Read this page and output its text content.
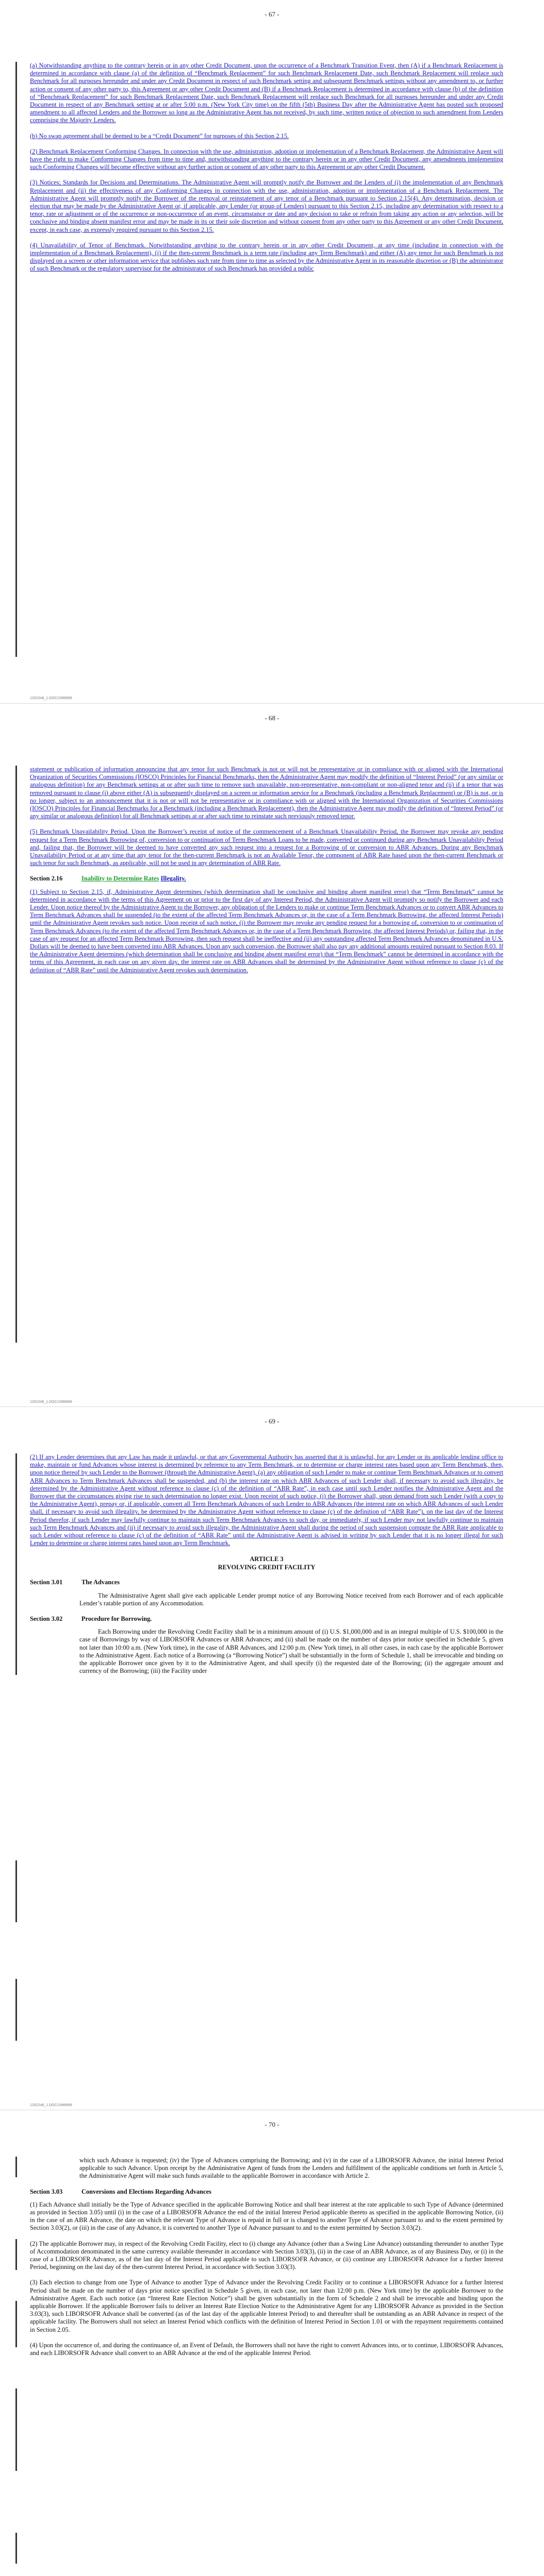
- 67 -

(a) Notwithstanding anything to the contrary herein or in any other Credit Document, upon the occurrence of a Benchmark Transition Event, then (A) if a Benchmark Replacement is determined in accordance with clause (a) of the definition of “Benchmark Replacement” for such Benchmark Replacement Date, such Benchmark Replacement will replace such Benchmark for all purposes hereunder and under any Credit Document in respect of such Benchmark setting and subsequent Benchmark settings without any amendment to, or further action or consent of any other party to, this Agreement or any other Credit Document and (B) if a Benchmark Replacement is determined in accordance with clause (b) of the definition of “Benchmark Replacement” for such Benchmark Replacement Date, such Benchmark Replacement will replace such Benchmark for all purposes hereunder and under any Credit Document in respect of any Benchmark setting at or after 5:00 p.m. (New York City time) on the fifth (5th) Business Day after the Administrative Agent has posted such proposed amendment to all affected Lenders and the Borrower so long as the Administrative Agent has not received, by such time, written notice of objection to such amendment from Lenders comprising the Majority Lenders.

(b) No swap agreement shall be deemed to be a “Credit Document” for purposes of this Section 2.15.

(2) Benchmark Replacement Conforming Changes. In connection with the use, administration, adoption or implementation of a Benchmark Replacement, the Administrative Agent will have the right to make Conforming Changes from time to time and, notwithstanding anything to the contrary herein or in any other Credit Document, any amendments implementing such Conforming Changes will become effective without any further action or consent of any other party to this Agreement or any other Credit Document.

(3) Notices; Standards for Decisions and Determinations. The Administrative Agent will promptly notify the Borrower and the Lenders of (i) the implementation of any Benchmark Replacement and (ii) the effectiveness of any Conforming Changes in connection with the use, administration, adoption or implementation of a Benchmark Replacement. The Administrative Agent will promptly notify the Borrower of the removal or reinstatement of any tenor of a Benchmark pursuant to Section 2.15(4). Any determination, decision or election that may be made by the Administrative Agent or, if applicable, any Lender (or group of Lenders) pursuant to this Section 2.15, including any determination with respect to a tenor, rate or adjustment or of the occurrence or non-occurrence of an event, circumstance or date and any decision to take or refrain from taking any action or any selection, will be conclusive and binding absent manifest error and may be made in its or their sole discretion and without consent from any other party to this Agreement or any other Credit Document, except, in each case, as expressly required pursuant to this Section 2.15.

(4) Unavailability of Tenor of Benchmark. Notwithstanding anything to the contrary herein or in any other Credit Document, at any time (including in connection with the implementation of a Benchmark Replacement), (i) if the then-current Benchmark is a term rate (including any Term Benchmark) and either (A) any tenor for such Benchmark is not displayed on a screen or other information service that publishes such rate from time to time as selected by the Administrative Agent in its reasonable discretion or (B) the administrator of such Benchmark or the regulatory supervisor for the administrator of such Benchmark has provided a public

1202248_1.DOC/1999999
- 68 -

statement or publication of information announcing that any tenor for such Benchmark is not or will not be representative or in compliance with or aligned with the International Organization of Securities Commissions (IOSCO) Principles for Financial Benchmarks, then the Administrative Agent may modify the definition of “Interest Period” (or any similar or analogous definition) for any Benchmark settings at or after such time to remove such unavailable, non-representative, non-compliant or non-aligned tenor and (ii) if a tenor that was removed pursuant to clause (i) above either (A) is subsequently displayed on a screen or information service for a Benchmark (including a Benchmark Replacement) or (B) is not, or is no longer, subject to an announcement that it is not or will not be representative or in compliance with or aligned with the International Organization of Securities Commissions (IOSCO) Principles for Financial Benchmarks for a Benchmark (including a Benchmark Replacement), then the Administrative Agent may modify the definition of “Interest Period” (or any similar or analogous definition) for all Benchmark settings at or after such time to reinstate such previously removed tenor.

(5) Benchmark Unavailability Period. Upon the Borrower’s receipt of notice of the commencement of a Benchmark Unavailability Period, the Borrower may revoke any pending request for a Term Benchmark Borrowing of, conversion to or continuation of Term Benchmark Loans to be made, converted or continued during any Benchmark Unavailability Period and, failing that, the Borrower will be deemed to have converted any such request into a request for a Borrowing of or conversion to ABR Advances. During any Benchmark Unavailability Period or at any time that any tenor for the then-current Benchmark is not an Available Tenor, the component of ABR Rate based upon the then-current Benchmark or such tenor for such Benchmark, as applicable, will not be used in any determination of ABR Rate.

Section 2.16	Inability to Determine Rates Illegality.

(1) Subject to Section 2.15, if, Administrative Agent determines (which determination shall be conclusive and binding absent manifest error) that “Term Benchmark” cannot be determined in accordance with the terms of this Agreement on or prior to the first day of any Interest Period, the Administrative Agent will promptly so notify the Borrower and each Lender. Upon notice thereof by the Administrative Agent to the Borrower, any obligation of the Lenders to make or continue Term Benchmark Advances or to convert ABR Advances to Term Benchmark Advances shall be suspended (to the extent of the affected Term Benchmark Advances or, in the case of a Term Benchmark Borrowing, the affected Interest Periods) until the Administrative Agent revokes such notice. Upon receipt of such notice, (i) the Borrower may revoke any pending request for a borrowing of, conversion to or continuation of Term Benchmark Advances (to the extent of the affected Term Benchmark Advances or, in the case of a Term Benchmark Borrowing, the affected Interest Periods) or, failing that, in the case of any request for an affected Term Benchmark Borrowing, then such request shall be ineffective and (ii) any outstanding affected Term Benchmark Advances denominated in U.S. Dollars will be deemed to have been converted into ABR Advances. Upon any such conversion, the Borrower shall also pay any additional amounts required pursuant to Section 8.03. If the Administrative Agent determines (which determination shall be conclusive and binding absent manifest error) that “Term Benchmark” cannot be determined in accordance with the terms of this Agreement, in each case on any given day, the interest rate on ABR Advances shall be determined by the Administrative Agent without reference to clause (c) of the definition of “ABR Rate” until the Administrative Agent revokes such determination.

1202248_1.DOC/1999999
- 69 -

(2) If any Lender determines that any Law has made it unlawful, or that any Governmental Authority has asserted that it is unlawful, for any Lender or its applicable lending office to make, maintain or fund Advances whose interest is determined by reference to any Term Benchmark, or to determine or charge interest rates based upon any Term Benchmark, then, upon notice thereof by such Lender to the Borrower (through the Administrative Agent), (a) any obligation of such Lender to make or continue Term Benchmark Advances or to convert ABR Advances to Term Benchmark Advances shall be suspended, and (b) the interest rate on which ABR Advances of such Lender shall, if necessary to avoid such illegality, be determined by the Administrative Agent without reference to clause (c) of the definition of “ABR Rate”, in each case until such Lender notifies the Administrative Agent and the Borrower that the circumstances giving rise to such determination no longer exist. Upon receipt of such notice, (i) the Borrower shall, upon demand from such Lender (with a copy to the Administrative Agent), prepay or, if applicable, convert all Term Benchmark Advances of such Lender to ABR Advances (the interest rate on which ABR Advances of such Lender shall, if necessary to avoid such illegality, be determined by the Administrative Agent without reference to clause (c) of the definition of “ABR Rate”), on the last day of the Interest Period therefor, if such Lender may lawfully continue to maintain such Term Benchmark Advances to such day, or immediately, if such Lender may not lawfully continue to maintain such Term Benchmark Advances and (ii) if necessary to avoid such illegality, the Administrative Agent shall during the period of such suspension compute the ABR Rate applicable to such Lender without reference to clause (c) of the definition of “ABR Rate” until the Administrative Agent is advised in writing by such Lender that it is no longer illegal for such Lender to determine or charge interest rates based upon any Term Benchmark.

ARTICLE 3
REVOLVING CREDIT FACILITY
Section 3.01	The Advances

The Administrative Agent shall give each applicable Lender prompt notice of any Borrowing Notice received from each Borrower and of each applicable Lender’s ratable portion of any Accommodation.

Section 3.02	Procedure for Borrowing.

Each Borrowing under the Revolving Credit Facility shall be in a minimum amount of (i) U.S. $1,000,000 and in an integral multiple of U.S. $100,000 in the case of Borrowings by way of LIBORSOFR Advances or ABR Advances; and (ii) shall be made on the number of days prior notice specified in Schedule 5, given not later than 10:00 a.m. (New York time), in the case of ABR Advances, and 12:00 p.m. (New York time), in all other cases, in each case by the applicable Borrower to the Administrative Agent. Each notice of a Borrowing (a “Borrowing Notice”) shall be substantially in the form of Schedule 1, shall be irrevocable and binding on the applicable Borrower once given by it to the Administrative Agent, and shall specify (i) the requested date of the Borrowing; (ii) the aggregate amount and currency of the Borrowing; (iii) the Facility under

1202248_1.DOC/1999999
- 70 -

which such Advance is requested; (iv) the Type of Advances comprising the Borrowing; and (v) in the case of a LIBORSOFR Advance, the initial Interest Period applicable to such Advance. Upon receipt by the Administrative Agent of funds from the Lenders and fulfillment of the applicable conditions set forth in Article 5, the Administrative Agent will make such funds available to the applicable Borrower in accordance with Article 2.

Section 3.03	Conversions and Elections Regarding Advances

(1) Each Advance shall initially be the Type of Advance specified in the applicable Borrowing Notice and shall bear interest at the rate applicable to such Type of Advance (determined as provided in Section 3.05) until (i) in the case of a LIBORSOFR Advance the end of the initial Interest Period applicable thereto as specified in the applicable Borrowing Notice, (ii) in the case of an ABR Advance, the date on which the relevant Type of Advance is repaid in full or is changed to another Type of Advance pursuant to and to the extent permitted by Section 3.03(2), or (iii) in the case of any Advance, it is converted to another Type of Advance pursuant to and to the extent permitted by Section 3.03(2).

(2) The applicable Borrower may, in respect of the Revolving Credit Facility, elect to (i) change any Advance (other than a Swing Line Advance) outstanding thereunder to another Type of Accommodation denominated in the same currency available thereunder in accordance with Section 3.03(3), (ii) in the case of an ABR Advance, as of any Business Day, or (i) in the case of a LIBORSOFR Advance, as of the last day of the Interest Period applicable to such LIBORSOFR Advance, or (ii) continue any LIBORSOFR Advance for a further Interest Period, beginning on the last day of the then-current Interest Period, in accordance with Section 3.03(3).

(3) Each election to change from one Type of Advance to another Type of Advance under the Revolving Credit Facility or to continue a LIBORSOFR Advance for a further Interest Period shall be made on the number of days prior notice specified in Schedule 5 given, in each case, not later than 12:00 p.m. (New York time) by the applicable Borrower to the Administrative Agent. Each such notice (an “Interest Rate Election Notice”) shall be given substantially in the form of Schedule 2 and shall be irrevocable and binding upon the applicable Borrower. If the applicable Borrower fails to deliver an Interest Rate Election Notice to the Administrative Agent for any LIBORSOFR Advance as provided in the Section 3.03(3), such LIBORSOFR Advance shall be converted (as of the last day of the applicable Interest Period) to and thereafter shall be outstanding as an ABR Advance in respect of the applicable facility. The Borrowers shall not select an Interest Period which conflicts with the definition of Interest Period in Section 1.01 or with the repayment requirements contained in Section 2.05.

(4) Upon the occurrence of, and during the continuance of, an Event of Default, the Borrowers shall not have the right to convert Advances into, or to continue, LIBORSOFR Advances, and each LIBORSOFR Advance shall convert to an ABR Advance at the end of the applicable Interest Period.
